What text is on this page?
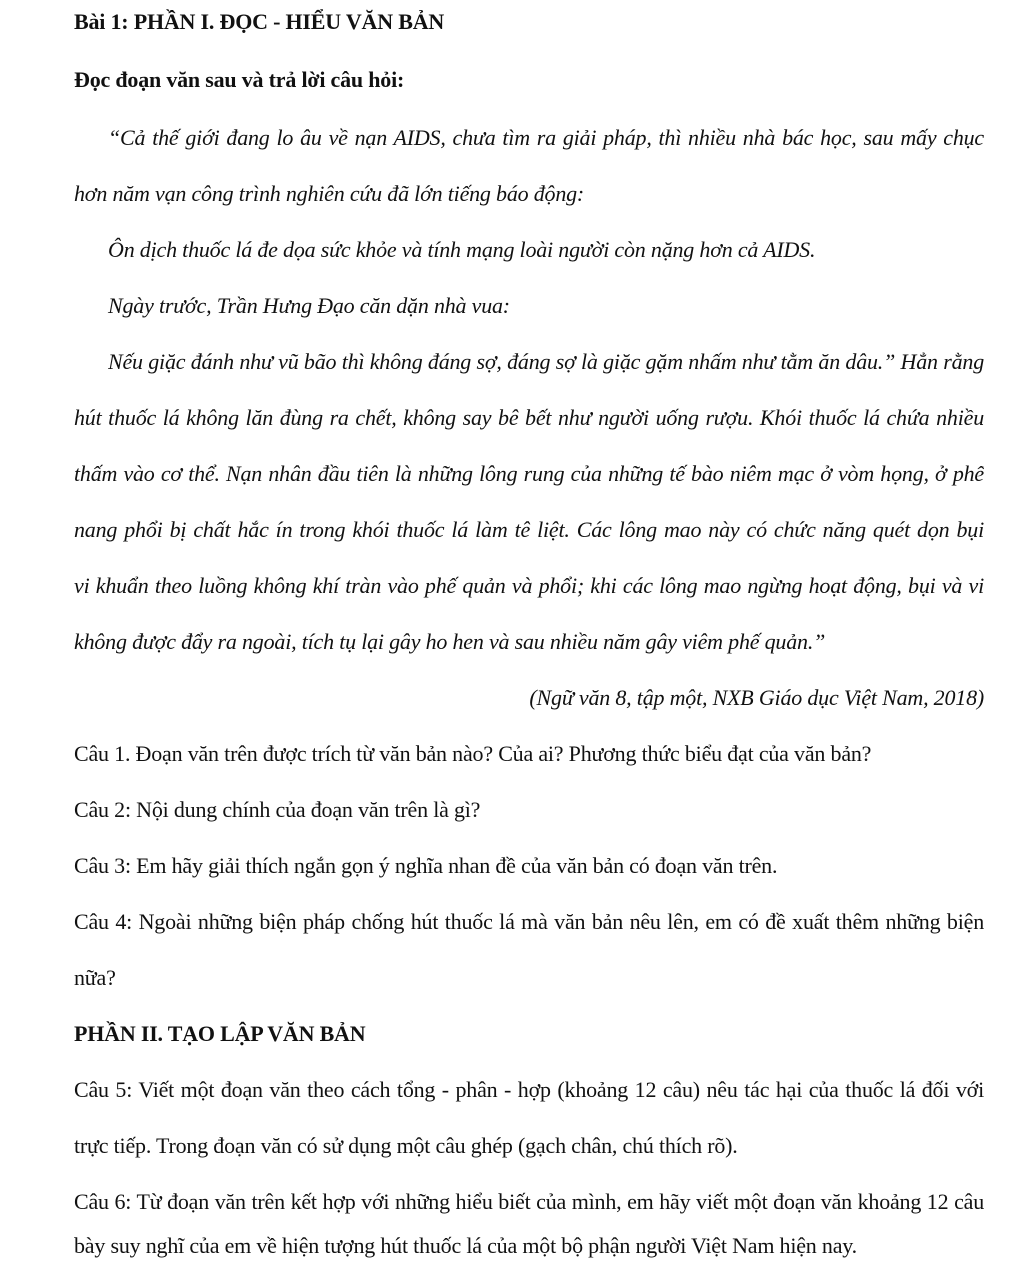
Bài 1: PHẦN I. ĐỌC - HIỂU VĂN BẢN
Đọc đoạn văn sau và trả lời câu hỏi:
“Cả thế giới đang lo âu về nạn AIDS, chưa tìm ra giải pháp, thì nhiều nhà bác học, sau mấy chục
hơn năm vạn công trình nghiên cứu đã lớn tiếng báo động:
Ôn dịch thuốc lá đe dọa sức khỏe và tính mạng loài người còn nặng hơn cả AIDS.
Ngày trước, Trần Hưng Đạo căn dặn nhà vua:
Nếu giặc đánh như vũ bão thì không đáng sợ, đáng sợ là giặc gặm nhấm như tằm ăn dâu.” Hẳn rằng
hút thuốc lá không lăn đùng ra chết, không say bê bết như người uống rượu. Khói thuốc lá chứa nhiều
thấm vào cơ thể. Nạn nhân đầu tiên là những lông rung của những tế bào niêm mạc ở vòm họng, ở phế
nang phổi bị chất hắc ín trong khói thuốc lá làm tê liệt. Các lông mao này có chức năng quét dọn bụi
vi khuẩn theo luồng không khí tràn vào phế quản và phổi; khi các lông mao ngừng hoạt động, bụi và vi
không được đẩy ra ngoài, tích tụ lại gây ho hen và sau nhiều năm gây viêm phế quản.”
(Ngữ văn 8, tập một, NXB Giáo dục Việt Nam, 2018)
Câu 1. Đoạn văn trên được trích từ văn bản nào? Của ai? Phương thức biểu đạt của văn bản?
Câu 2: Nội dung chính của đoạn văn trên là gì?
Câu 3: Em hãy giải thích ngắn gọn ý nghĩa nhan đề của văn bản có đoạn văn trên.
Câu 4: Ngoài những biện pháp chống hút thuốc lá mà văn bản nêu lên, em có đề xuất thêm những biện
nữa?
PHẦN II. TẠO LẬP VĂN BẢN
Câu 5: Viết một đoạn văn theo cách tổng - phân - hợp (khoảng 12 câu) nêu tác hại của thuốc lá đối với
trực tiếp. Trong đoạn văn có sử dụng một câu ghép (gạch chân, chú thích rõ).
Câu 6: Từ đoạn văn trên kết hợp với những hiểu biết của mình, em hãy viết một đoạn văn khoảng 12 câu
bày suy nghĩ của em về hiện tượng hút thuốc lá của một bộ phận người Việt Nam hiện nay.
